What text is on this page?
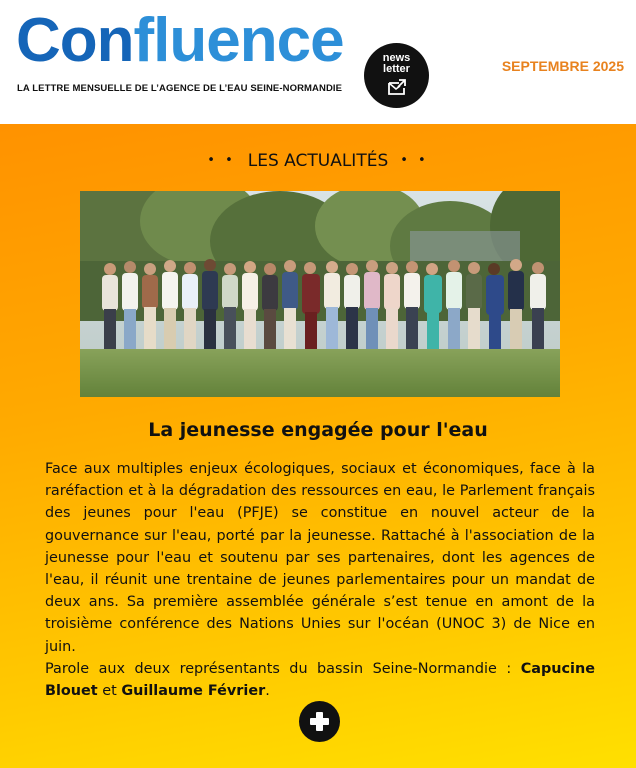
Confluence
LA LETTRE MENSUELLE DE L’AGENCE DE L’EAU SEINE-NORMANDIE
news
letter	SEPTEMBRE 2025
• • LES ACTUALITÉS • •
La jeunesse engagée pour l'eau

Face aux multiples enjeux écologiques, sociaux et économiques, face à la raréfaction et à la dégradation des ressources en eau, le Parlement français des jeunes pour l'eau (PFJE) se constitue en nouvel acteur de la gouvernance sur l'eau, porté par la jeunesse. Rattaché à l'association de la jeunesse pour l'eau et soutenu par ses partenaires, dont les agences de l'eau, il réunit une trentaine de jeunes parlementaires pour un mandat de deux ans. Sa première assemblée générale s’est tenue en amont de la troisième conférence des Nations Unies sur l'océan (UNOC 3) de Nice en juin.

Parole aux deux représentants du bassin Seine-Normandie : Capucine Blouet et Guillaume Février.
